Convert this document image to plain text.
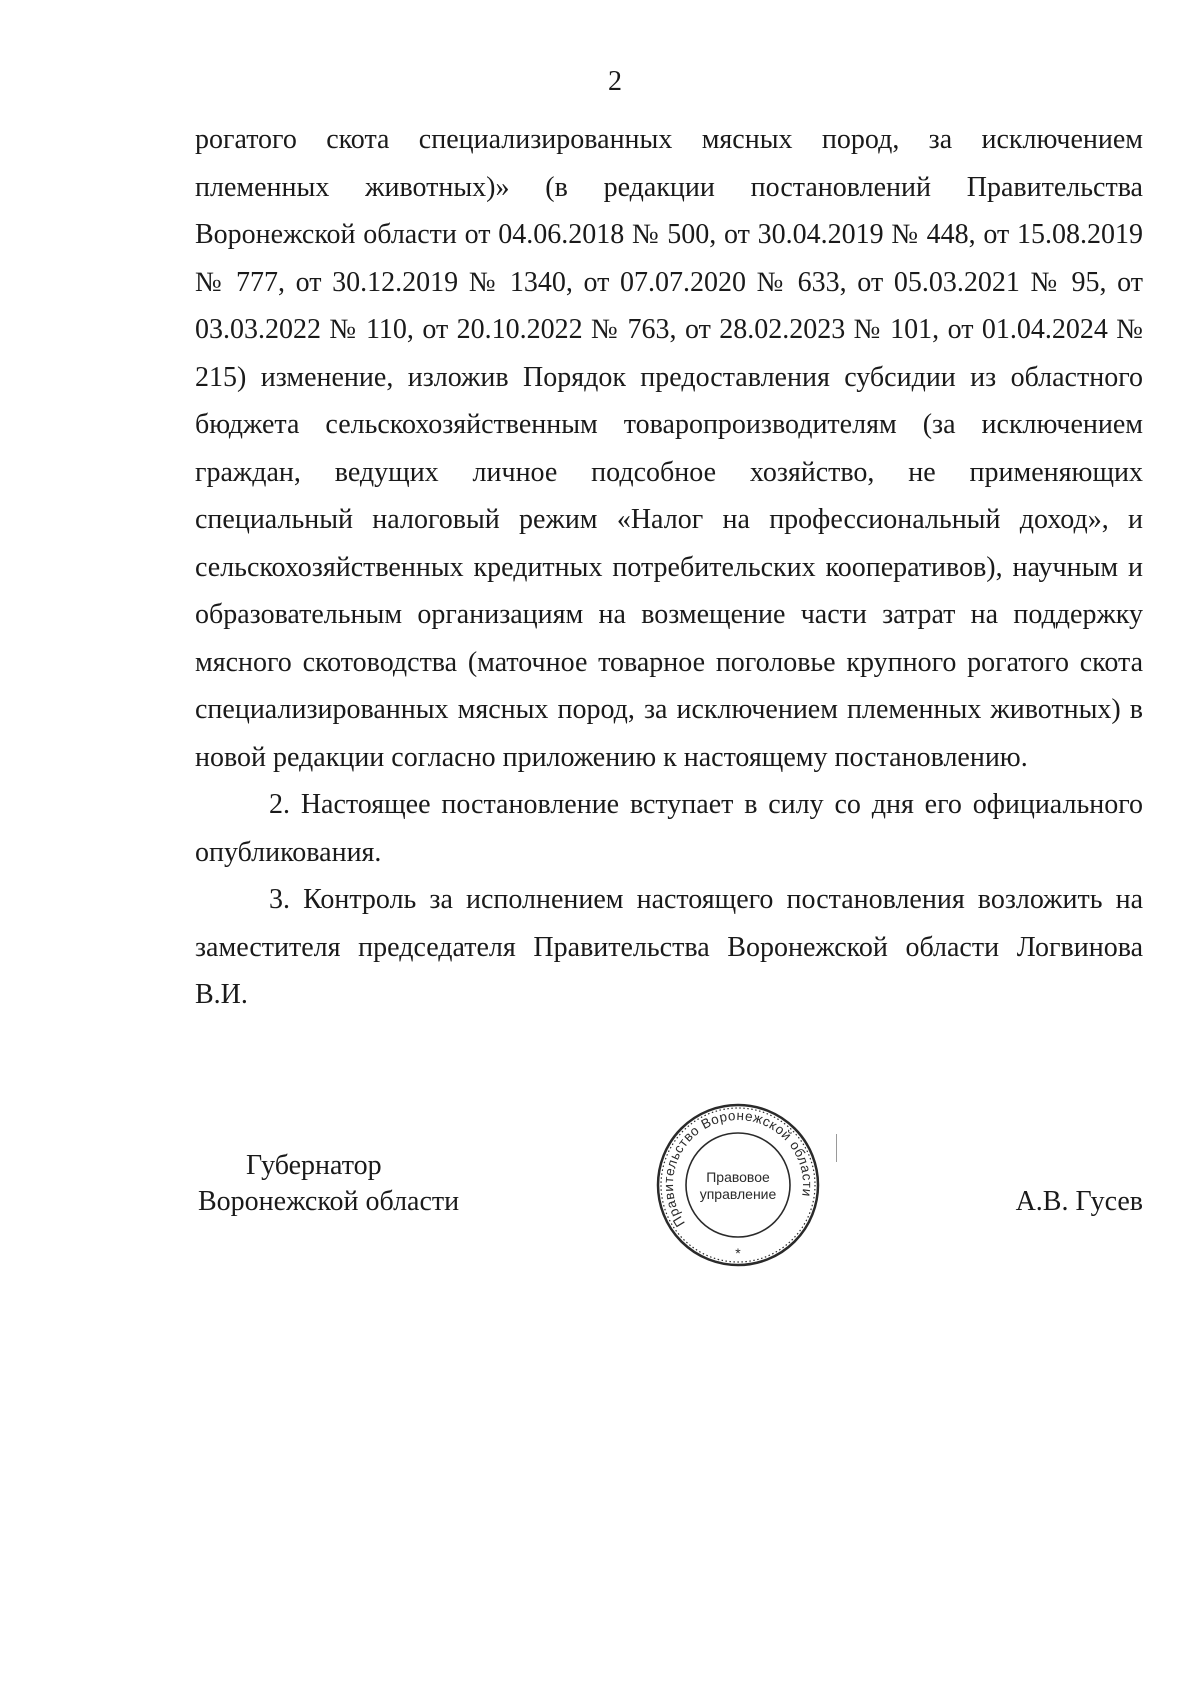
2

рогатого скота специализированных мясных пород, за исключением племенных животных)» (в редакции постановлений Правительства Воронежской области от 04.06.2018 № 500, от 30.04.2019 № 448, от 15.08.2019 № 777, от 30.12.2019 № 1340, от 07.07.2020 № 633, от 05.03.2021 № 95, от 03.03.2022 № 110, от 20.10.2022 № 763, от 28.02.2023 № 101, от 01.04.2024 № 215) изменение, изложив Порядок предоставления субсидии из областного бюджета сельскохозяйственным товаропроизводителям (за исключением граждан, ведущих личное подсобное хозяйство, не применяющих специальный налоговый режим «Налог на профессиональный доход», и сельскохозяйственных кредитных потребительских кооперативов), научным и образовательным организациям на возмещение части затрат на поддержку мясного скотоводства (маточное товарное поголовье крупного рогатого скота специализированных мясных пород, за исключением племенных животных) в новой редакции согласно приложению к настоящему постановлению.

2. Настоящее постановление вступает в силу со дня его официального опубликования.

3. Контроль за исполнением настоящего постановления возложить на заместителя председателя Правительства Воронежской области Логвинова В.И.

Губернатор
Воронежской области
Правительство Воронежской области
Правовое
управление
*
А.В. Гусев
